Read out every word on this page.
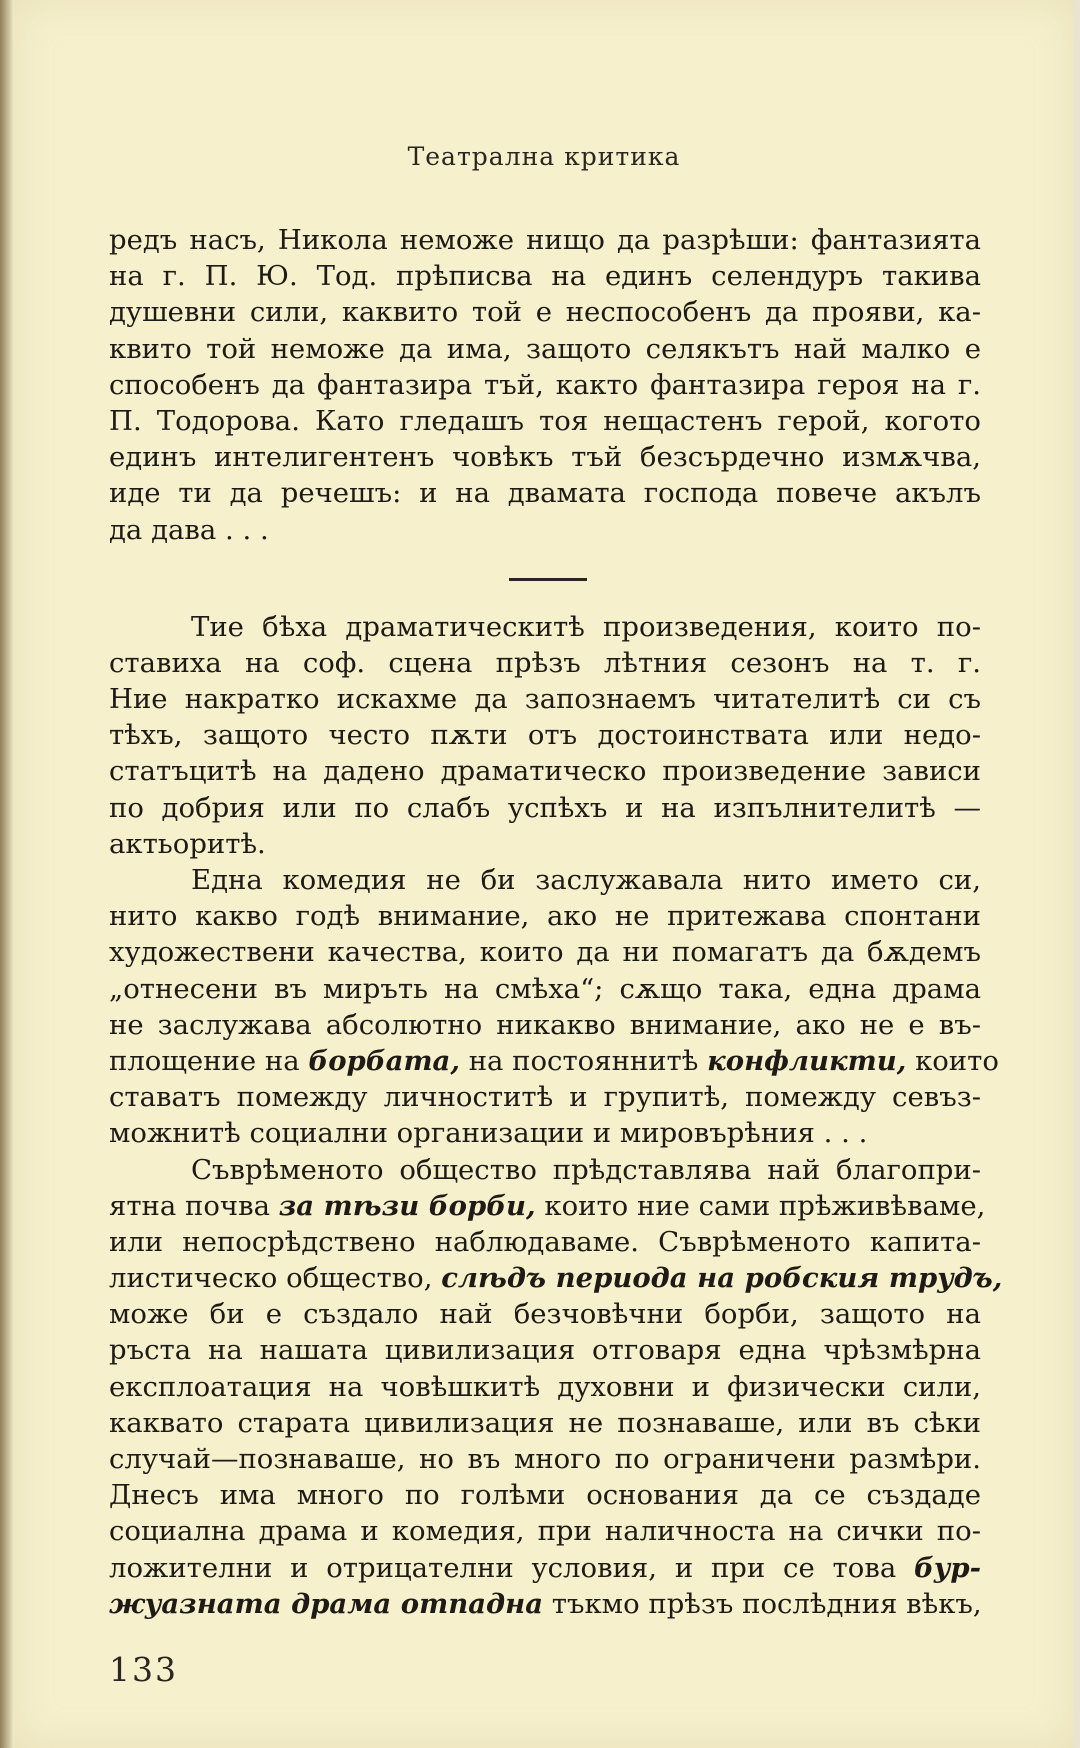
Театрална критика
редъ насъ, Никола неможе нищо да разрѣши: фантазията
на г. П. Ю. Тод. прѣписва на единъ селендуръ такива
душевни сили, каквито той е неспособенъ да прояви, ка-
квито той неможе да има, защото селякътъ най малко е
способенъ да фантазира тъй, както фантазира героя на г.
П. Тодорова. Като гледашъ тоя нещастенъ герой, когото
единъ интелигентенъ човѣкъ тъй безсърдечно измѫчва,
иде ти да речешъ: и на двамата господа повече акълъ
да дава . . .
Тие бѣха драматическитѣ произведения, които по-
ставиха на соф. сцена прѣзъ лѣтния сезонъ на т. г.
Ние накратко искахме да запознаемъ читателитѣ си съ
тѣхъ, защото често пѫти отъ достоинствата или недо-
статъцитѣ на дадено драматическо произведение зависи
по добрия или по слабъ успѣхъ и на изпълнителитѣ —
актьоритѣ.
Една комедия не би заслужавала нито името си,
нито какво годѣ внимание, ако не притежава спонтани
художествени качества, които да ни помагатъ да бѫдемъ
„отнесени въ миръть на смѣха“; сѫщо така, една драма
не заслужава абсолютно никакво внимание, ако не е въ-
площение на борбата, на постояннитѣ конфликти, които
ставатъ помежду личноститѣ и групитѣ, помежду севъз-
можнитѣ социални организации и мировърѣния . . .
Съврѣменото общество прѣдставлява най благопри-
ятна почва за тѣзи борби, които ние сами прѣживѣваме,
или непосрѣдствено наблюдаваме. Съврѣменото капита-
листическо общество, слѣдъ периода на робския трудъ,
може би е създало най безчовѣчни борби, защото на
ръста на нашата цивилизация отговаря една чрѣзмѣрна
експлоатация на човѣшкитѣ духовни и физически сили,
каквато старата цивилизация не познаваше, или въ сѣки
случай—познаваше, но въ много по ограничени размѣри.
Днесъ има много по голѣми основания да се създаде
социална драма и комедия, при наличноста на сички по-
ложителни и отрицателни условия, и при се това бур-
жуазната драма отпадна тъкмо прѣзъ послѣдния вѣкъ,
133
